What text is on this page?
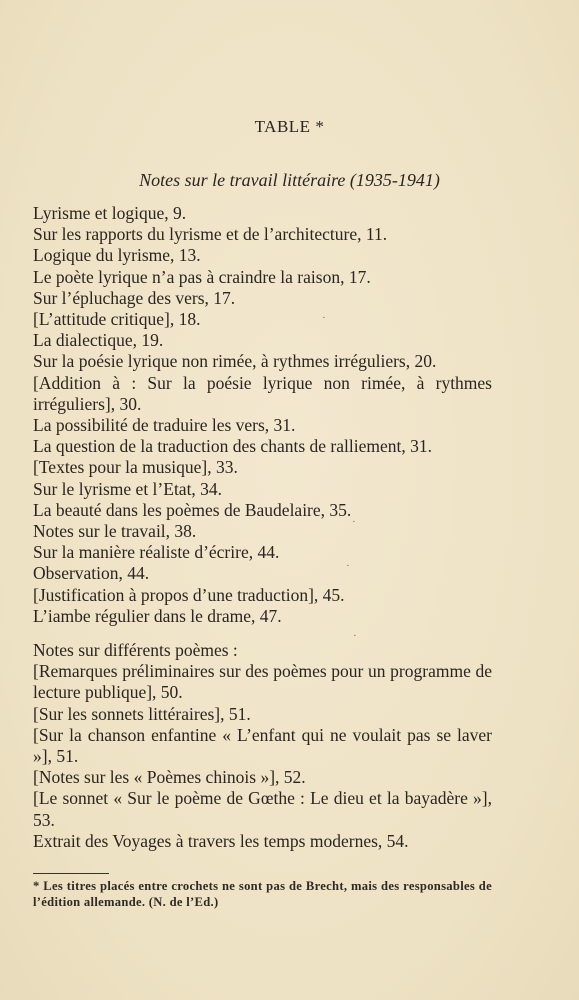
TABLE *
Notes sur le travail littéraire (1935-1941)

Lyrisme et logique, 9.

Sur les rapports du lyrisme et de l’architecture, 11.

Logique du lyrisme, 13.

Le poète lyrique n’a pas à craindre la raison, 17.

Sur l’épluchage des vers, 17.

[L’attitude critique], 18.

La dialectique, 19.

Sur la poésie lyrique non rimée, à rythmes irréguliers, 20.

[Addition à : Sur la poésie lyrique non rimée, à rythmes irréguliers], 30.

La possibilité de traduire les vers, 31.

La question de la traduction des chants de ralliement, 31.

[Textes pour la musique], 33.

Sur le lyrisme et l’Etat, 34.

La beauté dans les poèmes de Baudelaire, 35.

Notes sur le travail, 38.

Sur la manière réaliste d’écrire, 44.

Observation, 44.

[Justification à propos d’une traduction], 45.

L’iambe régulier dans le drame, 47.

Notes sur différents poèmes :

[Remarques préliminaires sur des poèmes pour un programme de lecture publique], 50.

[Sur les sonnets littéraires], 51.

[Sur la chanson enfantine « L’enfant qui ne voulait pas se laver »], 51.

[Notes sur les « Poèmes chinois »], 52.

[Le sonnet « Sur le poème de Gœthe : Le dieu et la bayadère »], 53.

Extrait des Voyages à travers les temps modernes, 54.

* Les titres placés entre crochets ne sont pas de Brecht, mais des responsables de l’édition allemande. (N. de l’Ed.)
·
·
·
·
